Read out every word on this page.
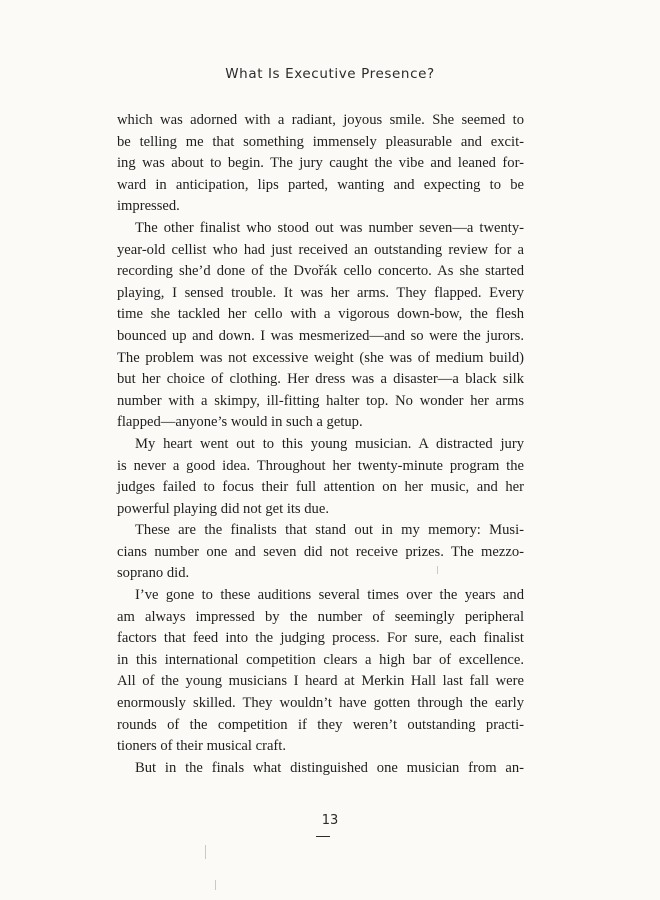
What Is Executive Presence?
which was adorned with a radiant, joyous smile. She seemed to
be telling me that something immensely pleasurable and excit-
ing was about to begin. The jury caught the vibe and leaned for-
ward in anticipation, lips parted, wanting and expecting to be
impressed.
The other finalist who stood out was number seven—a twenty-
year-old cellist who had just received an outstanding review for a
recording she’d done of the Dvořák cello concerto. As she started
playing, I sensed trouble. It was her arms. They flapped. Every
time she tackled her cello with a vigorous down-bow, the flesh
bounced up and down. I was mesmerized—and so were the jurors.
The problem was not excessive weight (she was of medium build)
but her choice of clothing. Her dress was a disaster—a black silk
number with a skimpy, ill-fitting halter top. No wonder her arms
flapped—anyone’s would in such a getup.
My heart went out to this young musician. A distracted jury
is never a good idea. Throughout her twenty-minute program the
judges failed to focus their full attention on her music, and her
powerful playing did not get its due.
These are the finalists that stand out in my memory: Musi-
cians number one and seven did not receive prizes. The mezzo-
soprano did.
I’ve gone to these auditions several times over the years and
am always impressed by the number of seemingly peripheral
factors that feed into the judging process. For sure, each finalist
in this international competition clears a high bar of excellence.
All of the young musicians I heard at Merkin Hall last fall were
enormously skilled. They wouldn’t have gotten through the early
rounds of the competition if they weren’t outstanding practi-
tioners of their musical craft.
But in the finals what distinguished one musician from an-
13
